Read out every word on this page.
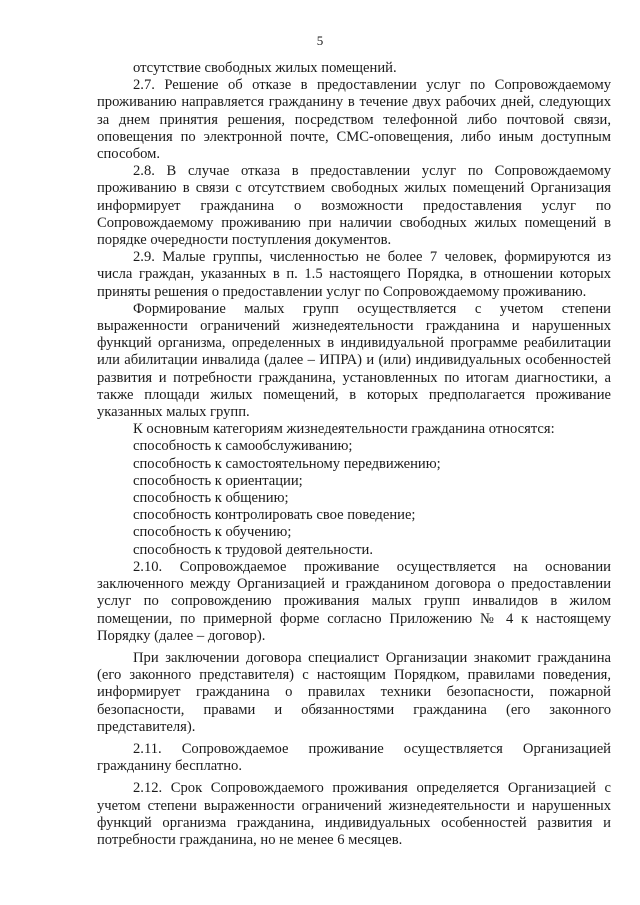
5

отсутствие свободных жилых помещений.

2.7. Решение об отказе в предоставлении услуг по Сопровождаемому проживанию направляется гражданину в течение двух рабочих дней, следующих за днем принятия решения, посредством телефонной либо почтовой связи, оповещения по электронной почте, СМС-оповещения, либо иным доступным способом.

2.8. В случае отказа в предоставлении услуг по Сопровождаемому проживанию в связи с отсутствием свободных жилых помещений Организация информирует гражданина о возможности предоставления услуг по Сопровождаемому проживанию при наличии свободных жилых помещений в порядке очередности поступления документов.

2.9. Малые группы, численностью не более 7 человек, формируются из числа граждан, указанных в п. 1.5 настоящего Порядка, в отношении которых приняты решения о предоставлении услуг по Сопровождаемому проживанию.

Формирование малых групп осуществляется с учетом степени выраженности ограничений жизнедеятельности гражданина и нарушенных функций организма, определенных в индивидуальной программе реабилитации или абилитации инвалида (далее – ИПРА) и (или) индивидуальных особенностей развития и потребности гражданина, установленных по итогам диагностики, а также площади жилых помещений, в которых предполагается проживание указанных малых групп.

К основным категориям жизнедеятельности гражданина относятся:

способность к самообслуживанию;

способность к самостоятельному передвижению;

способность к ориентации;

способность к общению;

способность контролировать свое поведение;

способность к обучению;

способность к трудовой деятельности.

2.10. Сопровождаемое проживание осуществляется на основании заключенного между Организацией и гражданином договора о предоставлении услуг по сопровождению проживания малых групп инвалидов в жилом помещении, по примерной форме согласно Приложению № 4 к настоящему Порядку (далее – договор).

При заключении договора специалист Организации знакомит гражданина (его законного представителя) с настоящим Порядком, правилами поведения, информирует гражданина о правилах техники безопасности, пожарной безопасности, правами и обязанностями гражданина (его законного представителя).

2.11. Сопровождаемое проживание осуществляется Организацией гражданину бесплатно.

2.12. Срок Сопровождаемого проживания определяется Организацией с учетом степени выраженности ограничений жизнедеятельности и нарушенных функций организма гражданина, индивидуальных особенностей развития и потребности гражданина, но не менее 6 месяцев.
